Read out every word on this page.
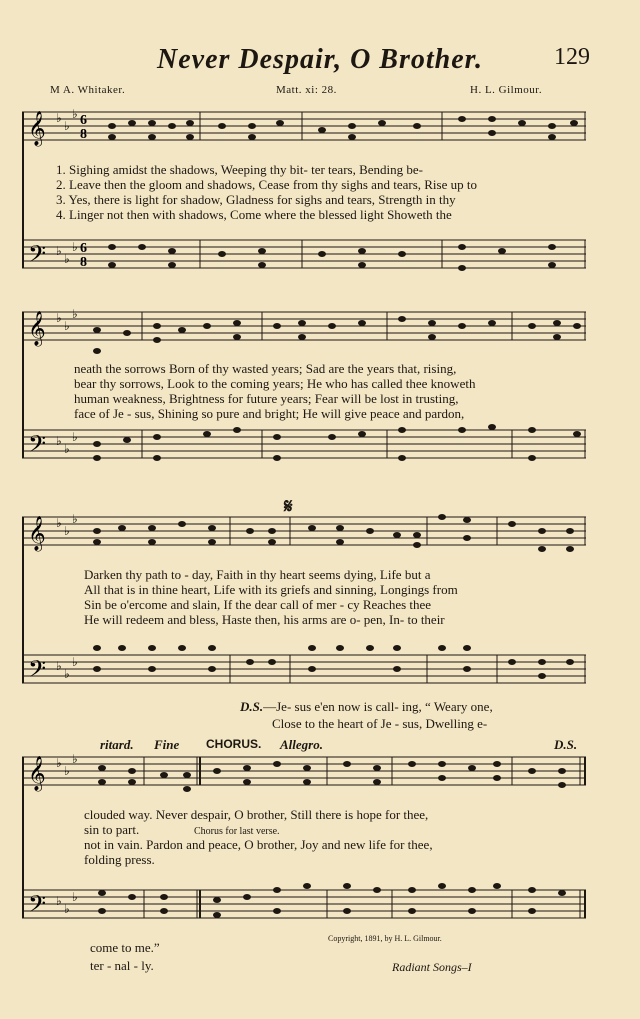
Never Despair, O Brother.	129
M A. Whitaker.	Matt. xi: 28.	H. L. Gilmour.
𝄞
𝄢
6
8
6
8
♭
♭
♭
♭
♭
♭
1. Sighing amidst the shadows, Weeping thy bit- ter tears, Bending be-
2. Leave then the gloom and shadows, Cease from thy sighs and tears, Rise up to
3. Yes, there is light for shadow, Gladness for sighs and tears, Strength in thy
4. Linger not then with shadows, Come where the blessed light Showeth the
𝄞
𝄢
♭
♭
♭
♭
♭
♭
neath the sorrows Born of thy wasted years; Sad are the years that, rising,
bear thy sorrows, Look to the coming years; He who has called thee knoweth
human weakness, Brightness for future years; Fear will be lost in trusting,
face of Je - sus, Shining so pure and bright; He will give peace and pardon,
𝄋
𝄞
𝄢
♭
♭
♭
♭
♭
♭
Darken thy path to - day, Faith in thy heart seems dying, Life but a
All that is in thine heart, Life with its griefs and sinning, Longings from
Sin be o'ercome and slain, If the dear call of mer - cy Reaches thee
He will redeem and bless, Haste then, his arms are o- pen, In- to their
D.S.—Je- sus e'en now is call- ing, “ Weary one,
Close to the heart of Je - sus, Dwelling e-
ritard. Fine CHORUS. Allegro.	D.S.
𝄞
𝄢
♭
♭
♭
♭
♭
♭
clouded way. Never despair, O brother, Still there is hope for thee,
sin to part.
not in vain. Pardon and peace, O brother, Joy and new life for thee,
folding press.
Chorus for last verse.
come to me.”
ter - nal - ly.
Copyright, 1891, by H. L. Gilmour.
Radiant Songs–I
